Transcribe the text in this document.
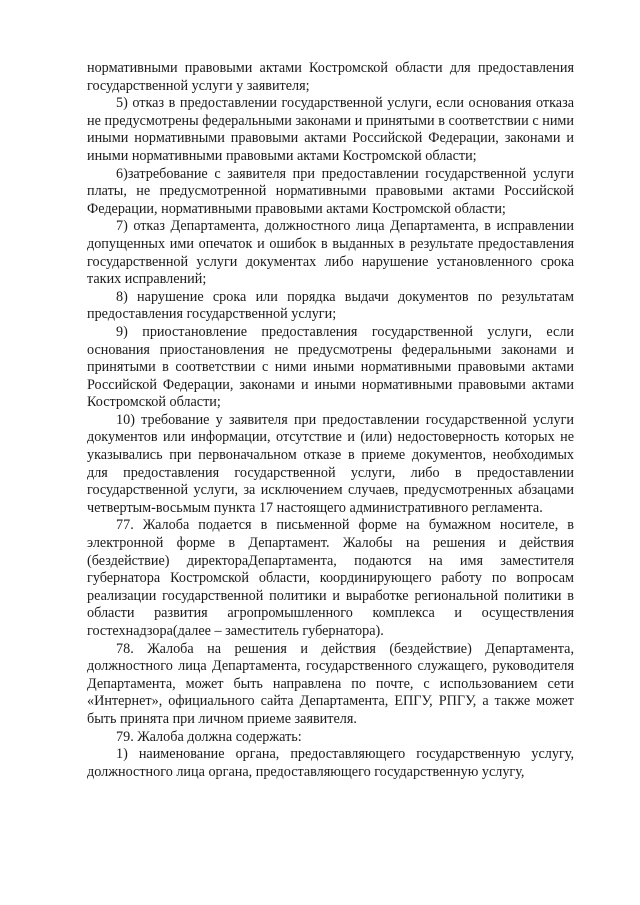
нормативными правовыми актами Костромской области для предоставления государственной услуги у заявителя;

5) отказ в предоставлении государственной услуги, если основания отказа не предусмотрены федеральными законами и принятыми в соответствии с ними иными нормативными правовыми актами Российской Федерации, законами и иными нормативными правовыми актами Костромской области;

6)затребование с заявителя при предоставлении государственной услуги платы, не предусмотренной нормативными правовыми актами Российской Федерации, нормативными правовыми актами Костромской области;

7) отказ Департамента, должностного лица Департамента, в исправлении допущенных ими опечаток и ошибок в выданных в результате предоставления государственной услуги документах либо нарушение установленного срока таких исправлений;

8) нарушение срока или порядка выдачи документов по результатам предоставления государственной услуги;

9) приостановление предоставления государственной услуги, если основания приостановления не предусмотрены федеральными законами и принятыми в соответствии с ними иными нормативными правовыми актами Российской Федерации, законами и иными нормативными правовыми актами Костромской области;

10) требование у заявителя при предоставлении государственной услуги документов или информации, отсутствие и (или) недостоверность которых не указывались при первоначальном отказе в приеме документов, необходимых для предоставления государственной услуги, либо в предоставлении государственной услуги, за исключением случаев, предусмотренных абзацами четвертым-восьмым пункта 17 настоящего административного регламента.

77. Жалоба подается в письменной форме на бумажном носителе, в электронной форме в Департамент. Жалобы на решения и действия (бездействие) директораДепартамента, подаются на имя заместителя губернатора Костромской области, координирующего работу по вопросам реализации государственной политики и выработке региональной политики в области развития агропромышленного комплекса и осуществления гостехнадзора(далее – заместитель губернатора).

78. Жалоба на решения и действия (бездействие) Департамента, должностного лица Департамента, государственного служащего, руководителя Департамента, может быть направлена по почте, с использованием сети «Интернет», официального сайта Департамента, ЕПГУ, РПГУ, а также может быть принята при личном приеме заявителя.

79. Жалоба должна содержать:

1) наименование органа, предоставляющего государственную услугу, должностного лица органа, предоставляющего государственную услугу,
